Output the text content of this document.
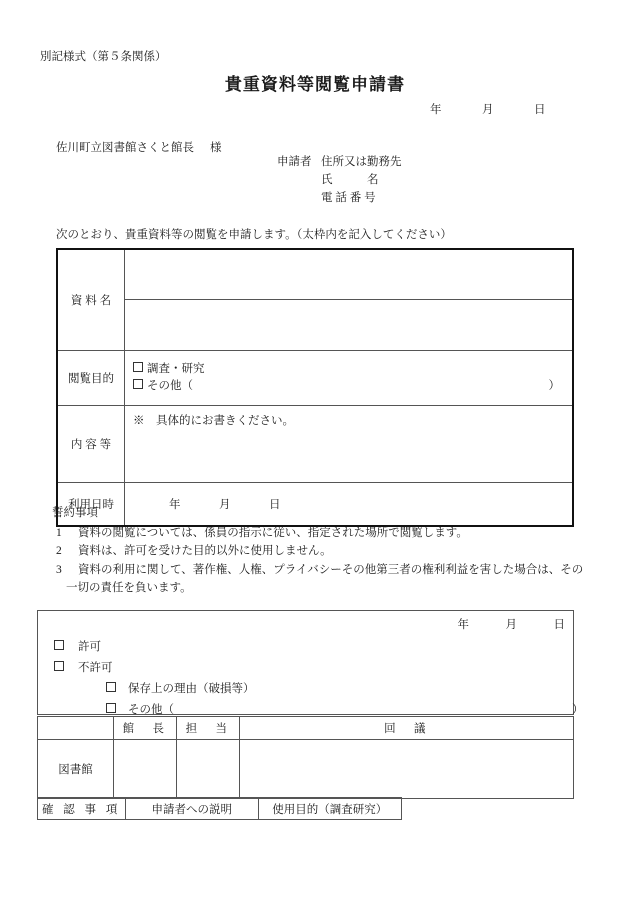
別記様式（第５条関係）
貴重資料等閲覧申請書
年	月	日
佐川町立図書館さくと館長 様
申請者 住所又は勤務先
氏　　　名
電 話 番 号
次のとおり、貴重資料等の閲覧を申請します。（太枠内を記入してください）
資 料 名	

閲覧目的	調査・研究
その他（ ）

内 容 等	※　具体的にお書きください。
利用日時	年 月 日
誓約事項
1 資料の閲覧については、係員の指示に従い、指定された場所で閲覧します。
2 資料は、許可を受けた目的以外に使用しません。
3 資料の利用に関して、著作権、人権、プライバシーその他第三者の権利利益を害した場合は、その
一切の責任を負います。
年	月	日
許可
不許可
保存上の理由（破損等）
その他（	）
	館　長	担　当	回　議
図書館			
確 認 事 項	申請者への説明	使用目的（調査研究）
